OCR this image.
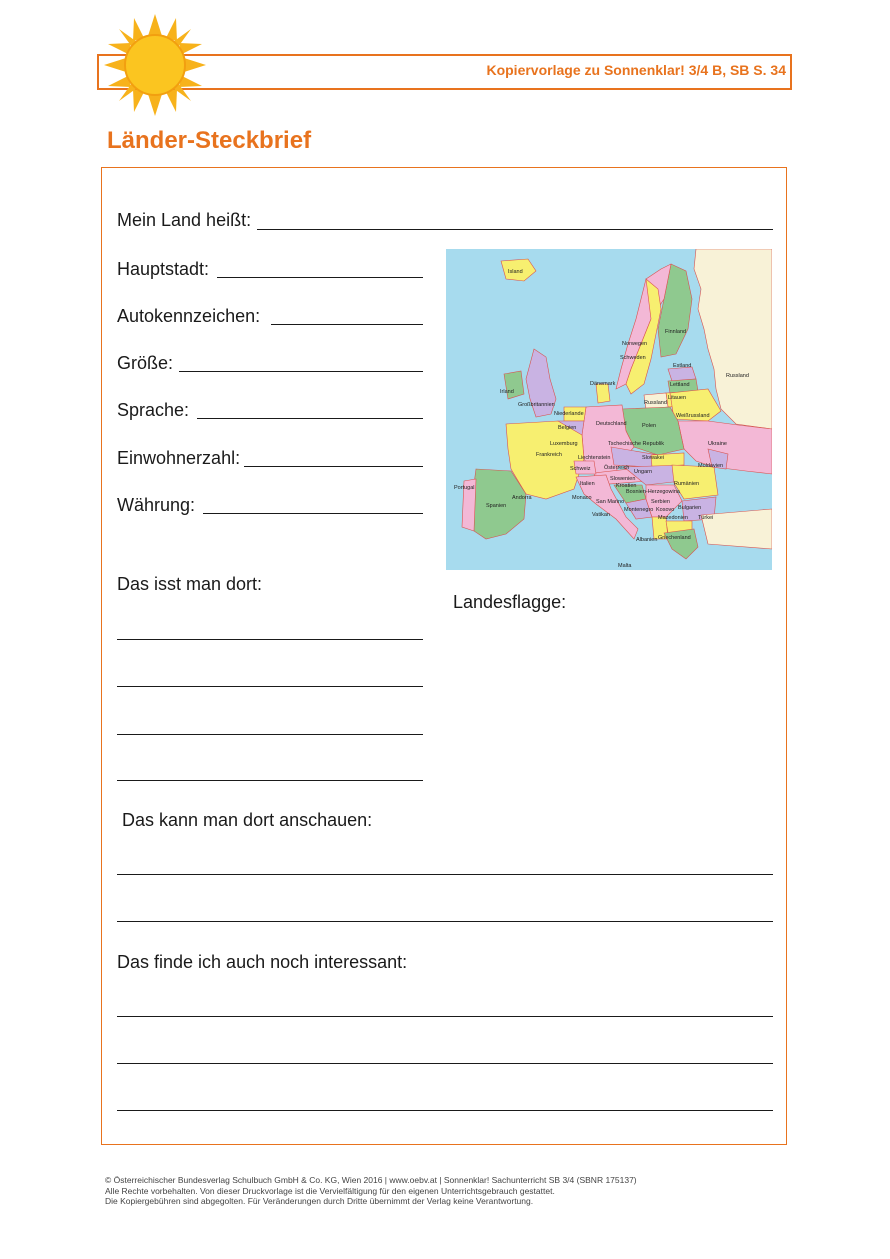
Kopiervorlage zu Sonnenklar! 3/4 B, SB S. 34
Länder-Steckbrief
Mein Land heißt:
Hauptstadt:
Autokennzeichen:
Größe:
Sprache:
Einwohnerzahl:
Währung:
Island
Norwegen
Schweden
Finnland
Estland
Lettland
Litauen
Russland
Russland
Dänemark
Irland
Großbritannien
Niederlande
Belgien
Luxemburg
Deutschland	Polen
Weißrussland
Ukraine
Frankreich
Tschechische Republik
Slowakei
Liechtenstein
Schweiz Österreich
Ungarn
Moldavien
Slowenien
Kroatien	Rumänien
Bosnien-Herzegowina
Serbien
Bulgarien
Montenegro Kosovo
Mazedonien
Albanien Griechenland
Türkei
Portugal
Spanien
Andorra	Monaco
Italien
San Marino
Vatikan
Malta
Das isst man dort:
Landesflagge:
Das kann man dort anschauen:
Das finde ich auch noch interessant:
© Österreichischer Bundesverlag Schulbuch GmbH & Co. KG, Wien 2016 | www.oebv.at | Sonnenklar! Sachunterricht SB 3/4 (SBNR 175137)
Alle Rechte vorbehalten. Von dieser Druckvorlage ist die Vervielfältigung für den eigenen Unterrichtsgebrauch gestattet.
Die Kopiergebühren sind abgegolten. Für Veränderungen durch Dritte übernimmt der Verlag keine Verantwortung.
